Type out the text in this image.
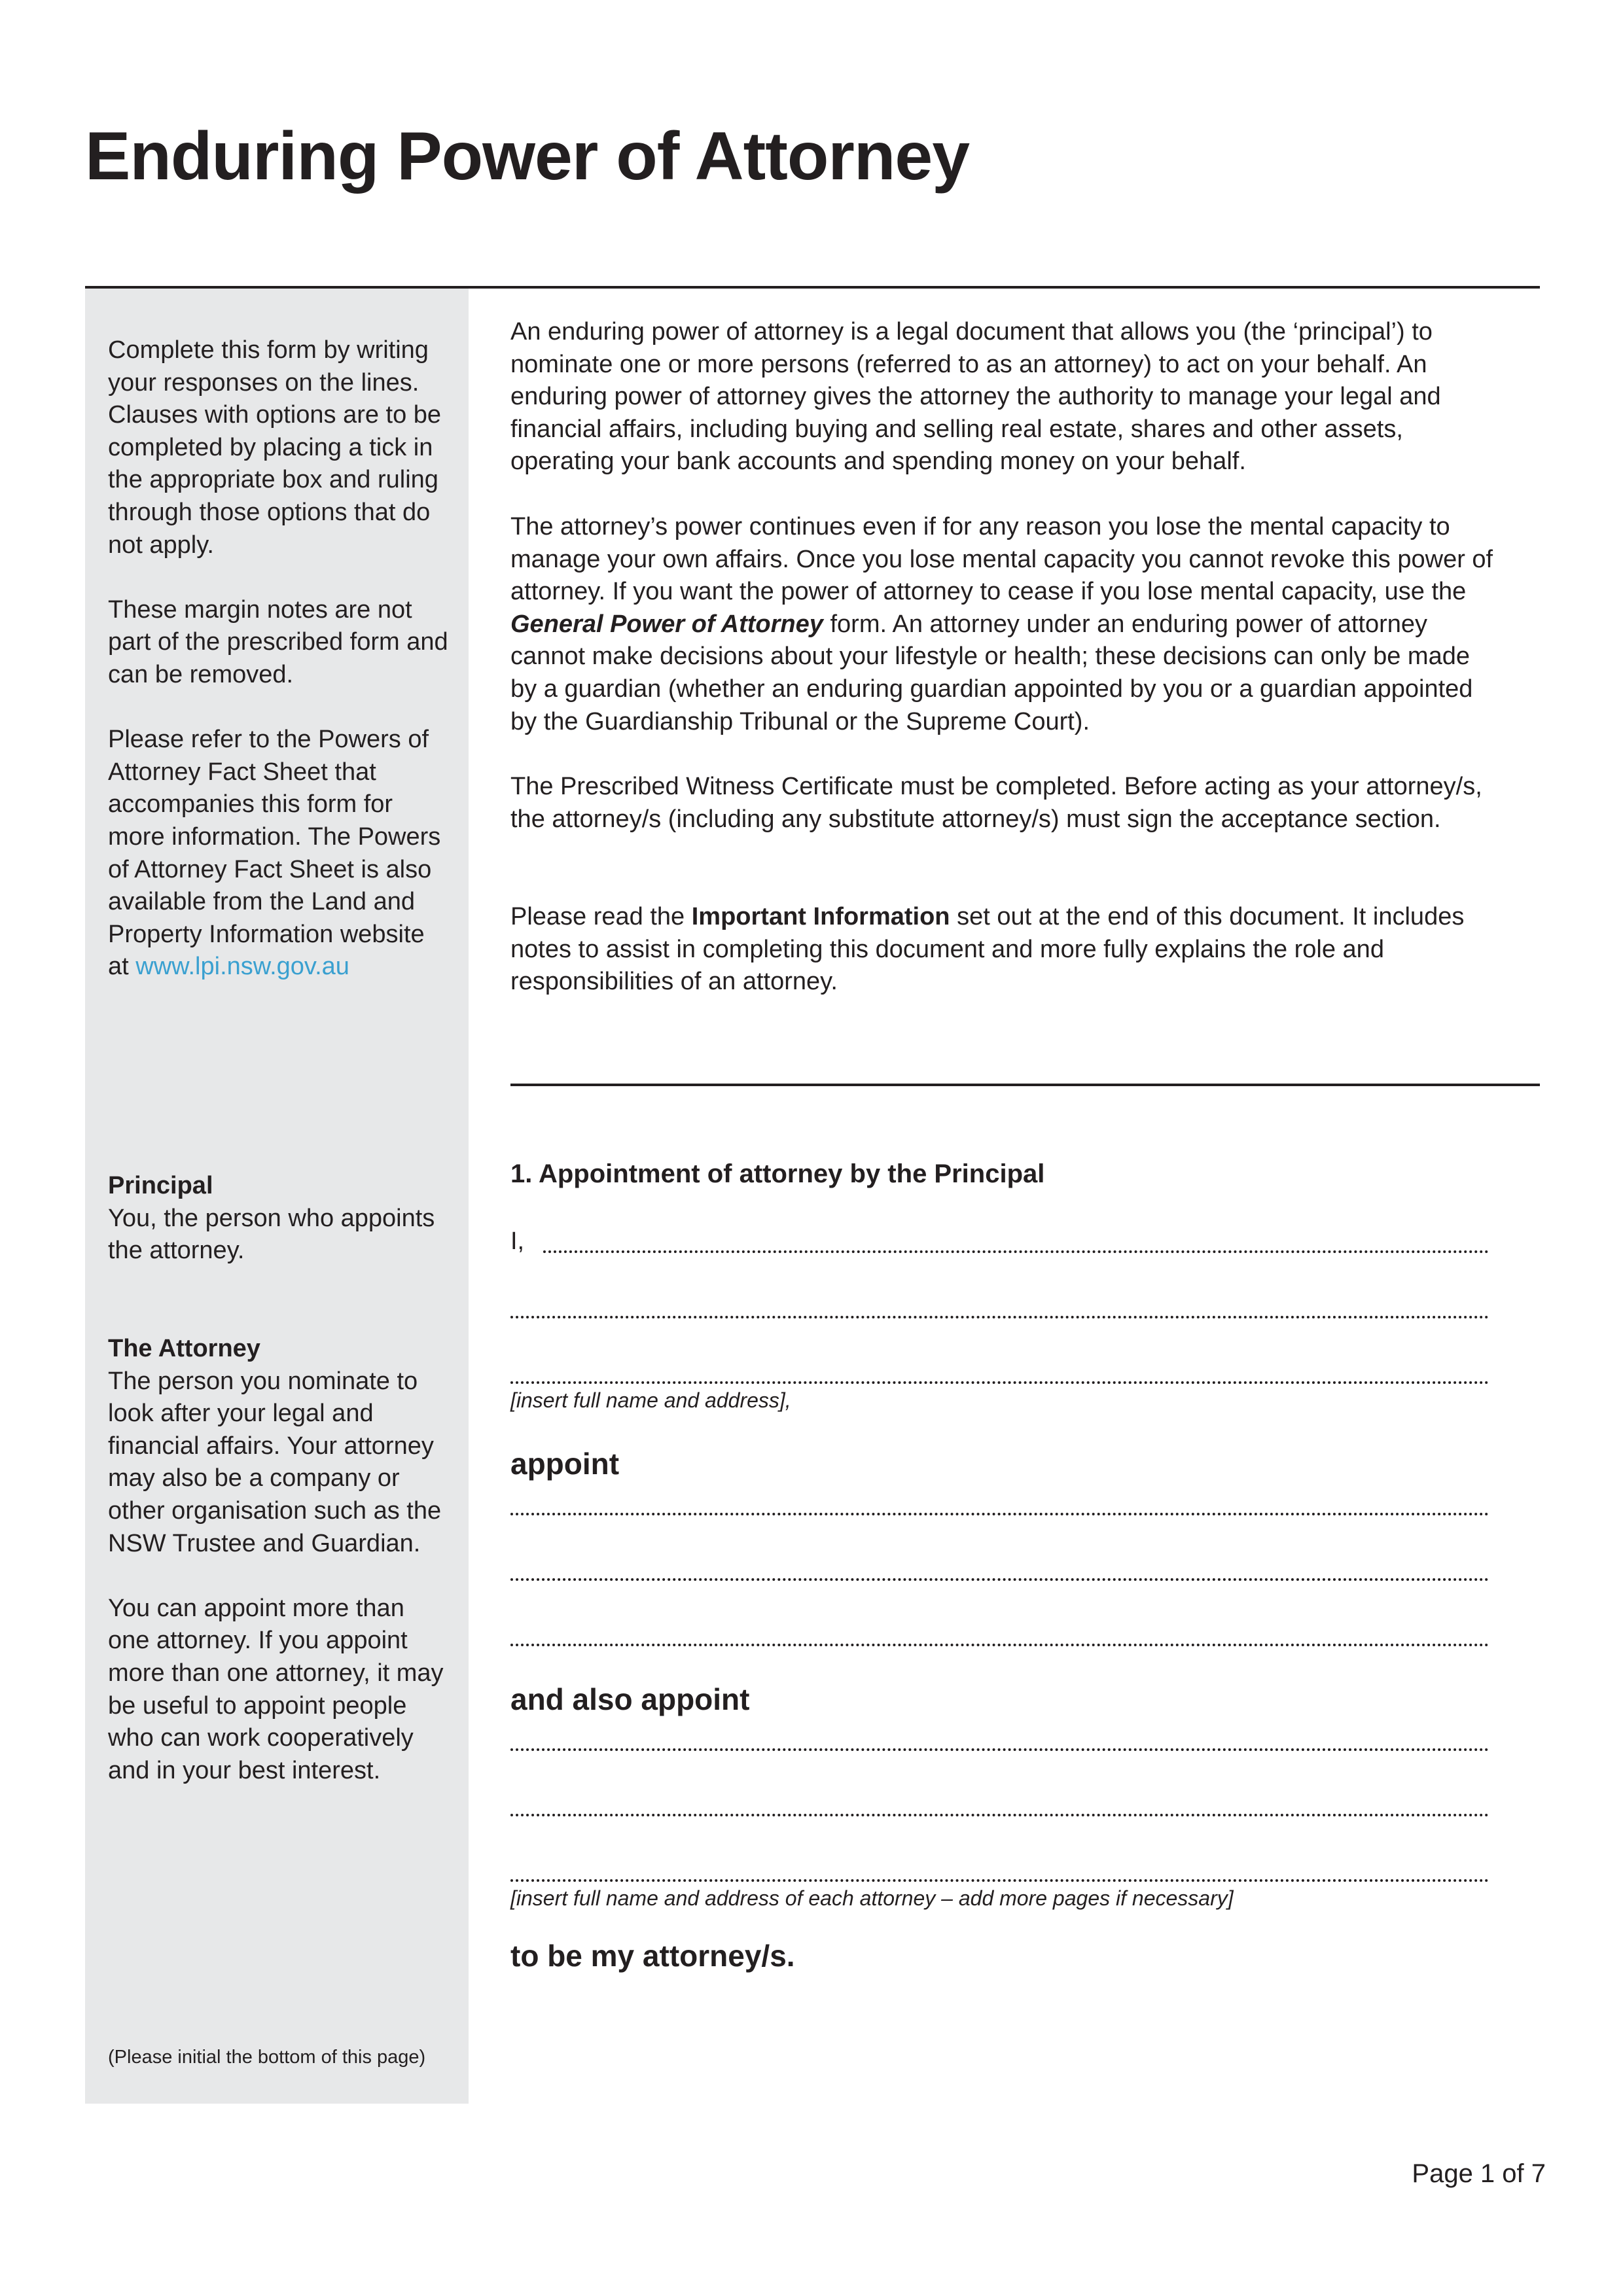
Enduring Power of Attorney

Complete this form by writing your responses on the lines. Clauses with options are to be completed by placing a tick in the appropriate box and ruling through those options that do not apply.

These margin notes are not part of the prescribed form and can be removed.

Please refer to the Powers of Attorney Fact Sheet that accompanies this form for more information. The Powers of Attorney Fact Sheet is also available from the Land and Property Information website at www.lpi.nsw.gov.au

Principal

You, the person who appoints the attorney.

The Attorney

The person you nominate to look after your legal and financial affairs. Your attorney may also be a company or other organisation such as the NSW Trustee and Guardian.

You can appoint more than one attorney. If you appoint more than one attorney, it may be useful to appoint people who can work cooperatively and in your best interest.

(Please initial the bottom of this page)

An enduring power of attorney is a legal document that allows you (the ‘principal’) to nominate one or more persons (referred to as an attorney) to act on your behalf. An enduring power of attorney gives the attorney the authority to manage your legal and financial affairs, including buying and selling real estate, shares and other assets, operating your bank accounts and spending money on your behalf.

The attorney’s power continues even if for any reason you lose the mental capacity to manage your own affairs. Once you lose mental capacity you cannot revoke this power of attorney. If you want the power of attorney to cease if you lose mental capacity, use the General Power of Attorney form. An attorney under an enduring power of attorney cannot make decisions about your lifestyle or health; these decisions can only be made by a guardian (whether an enduring guardian appointed by you or a guardian appointed by the Guardianship Tribunal or the Supreme Court).

The Prescribed Witness Certificate must be completed. Before acting as your attorney/s, the attorney/s (including any substitute attorney/s) must sign the acceptance section.

Please read the Important Information set out at the end of this document. It includes notes to assist in completing this document and more fully explains the role and responsibilities of an attorney.

1. Appointment of attorney by the Principal
I,
[insert full name and address],
appoint
and also appoint
[insert full name and address of each attorney – add more pages if necessary]
to be my attorney/s.
Page 1 of 7
